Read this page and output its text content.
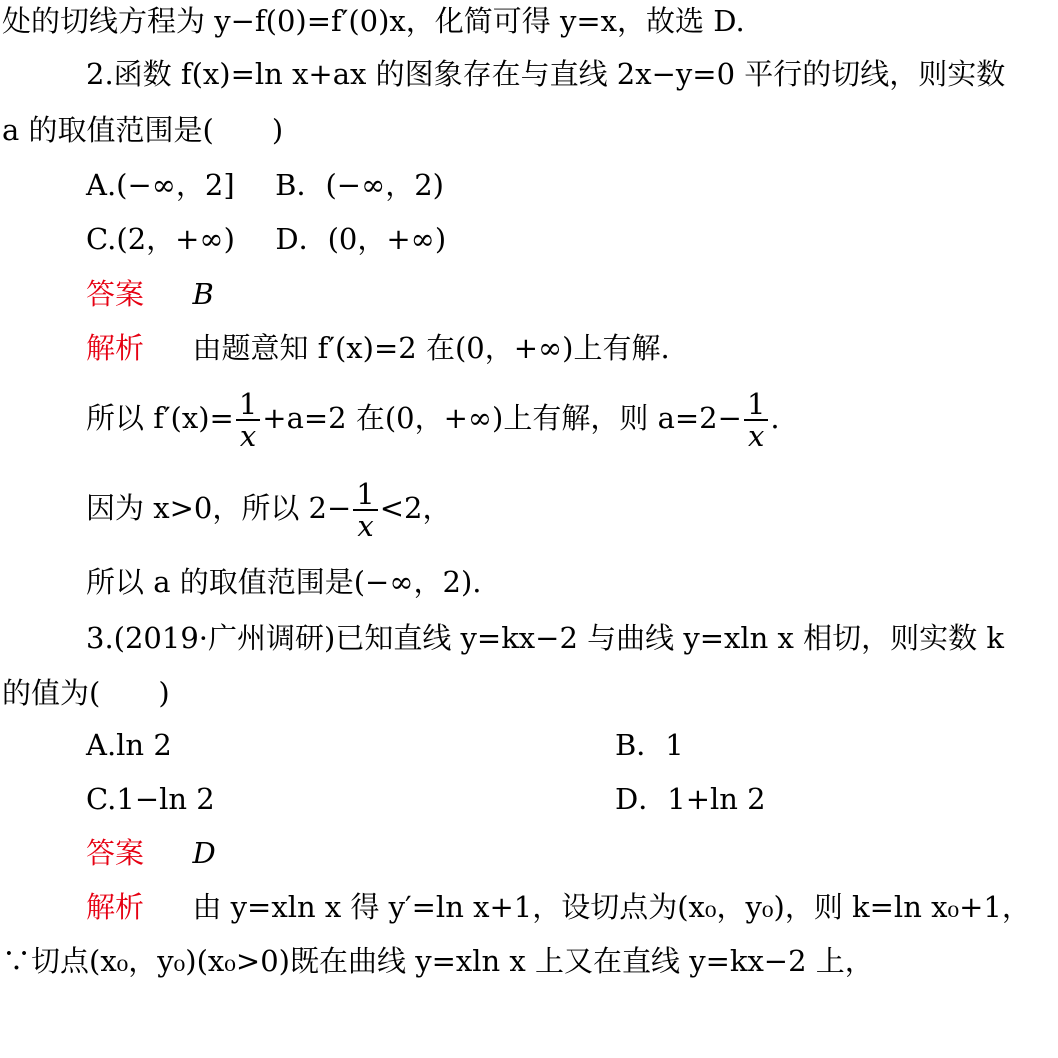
处的切线方程为 y−f(0)=f′(0)x，化简可得 y=x，故选 D.
2.函数 f(x)=ln x+ax 的图象存在与直线 2x−y=0 平行的切线，则实数
a 的取值范围是(　　)
A.(−∞，2] B．(−∞，2)
C.(2，+∞) D．(0，+∞)
答案 B
解析 由题意知 f′(x)=2 在(0，+∞)上有解.
所以 $f'(x)= \frac{1}{x} +a=2$ 在(0，+∞)上有解，则 $a=2- \frac{1}{x}$ .
因为 x>0，所以 $2- \frac{1}{x} <2$，
所以 a 的取值范围是(−∞，2).
3.(2019·广州调研)已知直线 y=kx−2 与曲线 y=xln x 相切，则实数 k
的值为(　　)
A.ln 2	B．1
C.1−ln 2	D．1+ln 2
答案 D
解析 由 y=xln x 得 y′=ln x+1，设切点为(x₀，y₀)，则 k=ln x₀+1，
∵切点(x₀，y₀)(x₀>0)既在曲线 y=xln x 上又在直线 y=kx−2 上，
